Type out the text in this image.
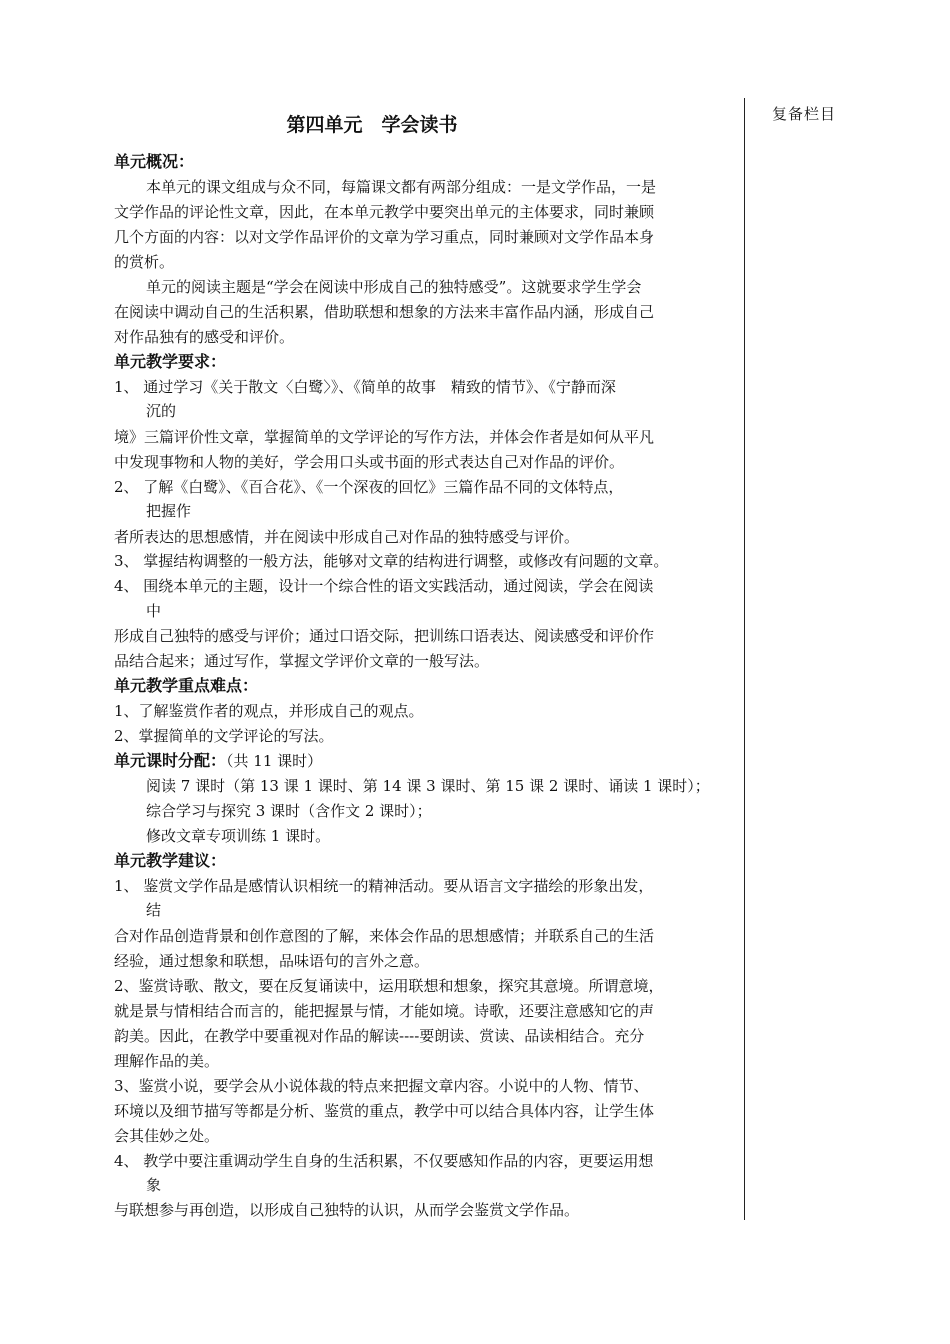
复备栏目
第四单元　学会读书
单元概况：
本单元的课文组成与众不同，每篇课文都有两部分组成：一是文学作品，一是
文学作品的评论性文章，因此，在本单元教学中要突出单元的主体要求，同时兼顾
几个方面的内容：以对文学作品评价的文章为学习重点，同时兼顾对文学作品本身
的赏析。
单元的阅读主题是“学会在阅读中形成自己的独特感受”。这就要求学生学会
在阅读中调动自己的生活积累，借助联想和想象的方法来丰富作品内涵，形成自己
对作品独有的感受和评价。
单元教学要求：
1、 通过学习《关于散文〈白鹭〉》、《简单的故事　精致的情节》、《宁静而深
沉的
境》三篇评价性文章，掌握简单的文学评论的写作方法，并体会作者是如何从平凡
中发现事物和人物的美好，学会用口头或书面的形式表达自己对作品的评价。
2、 了解《白鹭》、《百合花》、《一个深夜的回忆》三篇作品不同的文体特点，
把握作
者所表达的思想感情，并在阅读中形成自己对作品的独特感受与评价。
3、 掌握结构调整的一般方法，能够对文章的结构进行调整，或修改有问题的文章。
4、 围绕本单元的主题，设计一个综合性的语文实践活动，通过阅读，学会在阅读
中
形成自己独特的感受与评价；通过口语交际，把训练口语表达、阅读感受和评价作
品结合起来；通过写作，掌握文学评价文章的一般写法。
单元教学重点难点：
1、了解鉴赏作者的观点，并形成自己的观点。
2、掌握简单的文学评论的写法。
单元课时分配：（共 11 课时）
阅读 7 课时（第 13 课 1 课时、第 14 课 3 课时、第 15 课 2 课时、诵读 1 课时）；
综合学习与探究 3 课时（含作文 2 课时）；
修改文章专项训练 1 课时。
单元教学建议：
1、 鉴赏文学作品是感情认识相统一的精神活动。要从语言文字描绘的形象出发，
结
合对作品创造背景和创作意图的了解，来体会作品的思想感情；并联系自己的生活
经验，通过想象和联想，品味语句的言外之意。
2、鉴赏诗歌、散文，要在反复诵读中，运用联想和想象，探究其意境。所谓意境，
就是景与情相结合而言的，能把握景与情，才能如境。诗歌，还要注意感知它的声
韵美。因此，在教学中要重视对作品的解读----要朗读、赏读、品读相结合。充分
理解作品的美。
3、鉴赏小说，要学会从小说体裁的特点来把握文章内容。小说中的人物、情节、
环境以及细节描写等都是分析、鉴赏的重点，教学中可以结合具体内容，让学生体
会其佳妙之处。
4、 教学中要注重调动学生自身的生活积累，不仅要感知作品的内容，更要运用想
象
与联想参与再创造，以形成自己独特的认识，从而学会鉴赏文学作品。
